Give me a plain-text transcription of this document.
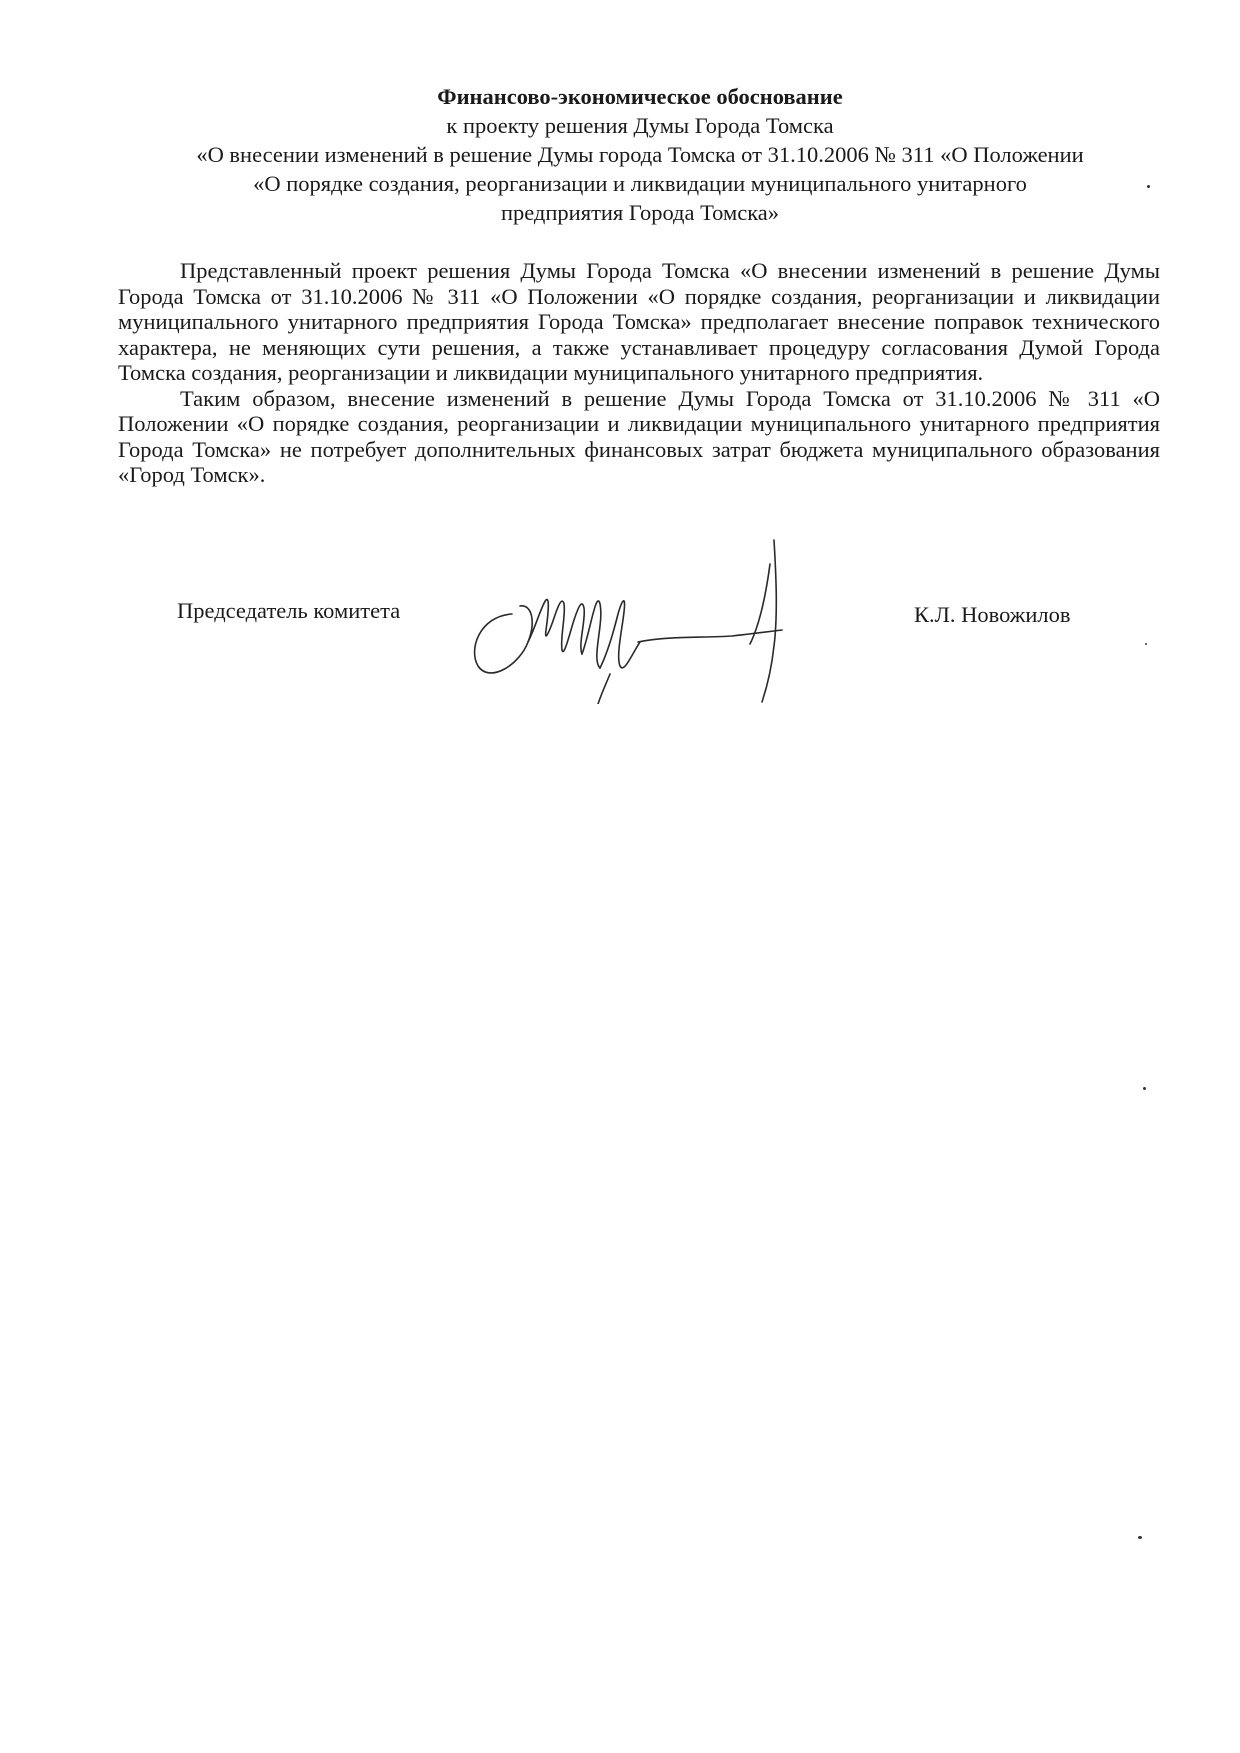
Финансово-экономическое обоснование
к проекту решения Думы Города Томска
«О внесении изменений в решение Думы города Томска от 31.10.2006 № 311 «О Положении
«О порядке создания, реорганизации и ликвидации муниципального унитарного
предприятия Города Томска»

Представленный проект решения Думы Города Томска «О внесении изменений в решение Думы Города Томска от 31.10.2006 № 311 «О Положении «О порядке создания, реорганизации и ликвидации муниципального унитарного предприятия Города Томска» предполагает внесение поправок технического характера, не меняющих сути решения, а также устанавливает процедуру согласования Думой Города Томска создания, реорганизации и ликвидации муниципального унитарного предприятия.

Таким образом, внесение изменений в решение Думы Города Томска от 31.10.2006 № 311 «О Положении «О порядке создания, реорганизации и ликвидации муниципального унитарного предприятия Города Томска» не потребует дополнительных финансовых затрат бюджета муниципального образования «Город Томск».

Председатель комитета	К.Л. Новожилов
